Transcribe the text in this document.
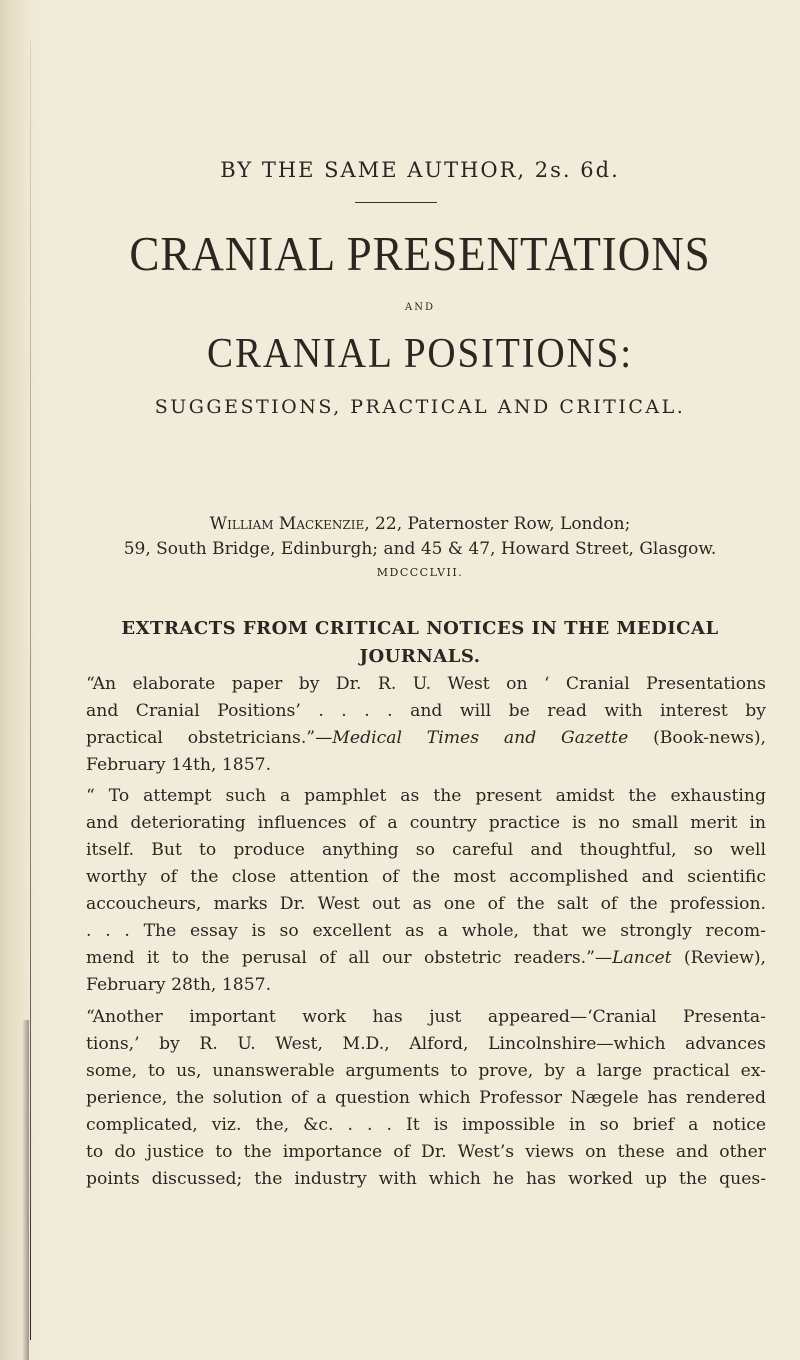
BY THE SAME AUTHOR, 2s. 6d.
CRANIAL PRESENTATIONS
AND
CRANIAL POSITIONS:
SUGGESTIONS, PRACTICAL AND CRITICAL.
William Mackenzie, 22, Paternoster Row, London;
59, South Bridge, Edinburgh; and 45 & 47, Howard Street, Glasgow.
MDCCCLVII.
EXTRACTS FROM CRITICAL NOTICES IN THE MEDICAL
JOURNALS.
“An elaborate paper by Dr. R. U. West on ‘ Cranial Presentations
and Cranial Positions’ . . . . and will be read with interest by
practical obstetricians.”—Medical Times and Gazette (Book-news),
February 14th, 1857.
“ To attempt such a pamphlet as the present amidst the exhausting
and deteriorating influences of a country practice is no small merit in
itself. But to produce anything so careful and thoughtful, so well
worthy of the close attention of the most accomplished and scientific
accoucheurs, marks Dr. West out as one of the salt of the profession.
. . . The essay is so excellent as a whole, that we strongly recom-
mend it to the perusal of all our obstetric readers.”—Lancet (Review),
February 28th, 1857.
“Another important work has just appeared—‘Cranial Presenta-
tions,’ by R. U. West, M.D., Alford, Lincolnshire—which advances
some, to us, unanswerable arguments to prove, by a large practical ex-
perience, the solution of a question which Professor Nægele has rendered
complicated, viz. the, &c. . . . It is impossible in so brief a notice
to do justice to the importance of Dr. West’s views on these and other
points discussed; the industry with which he has worked up the ques-
